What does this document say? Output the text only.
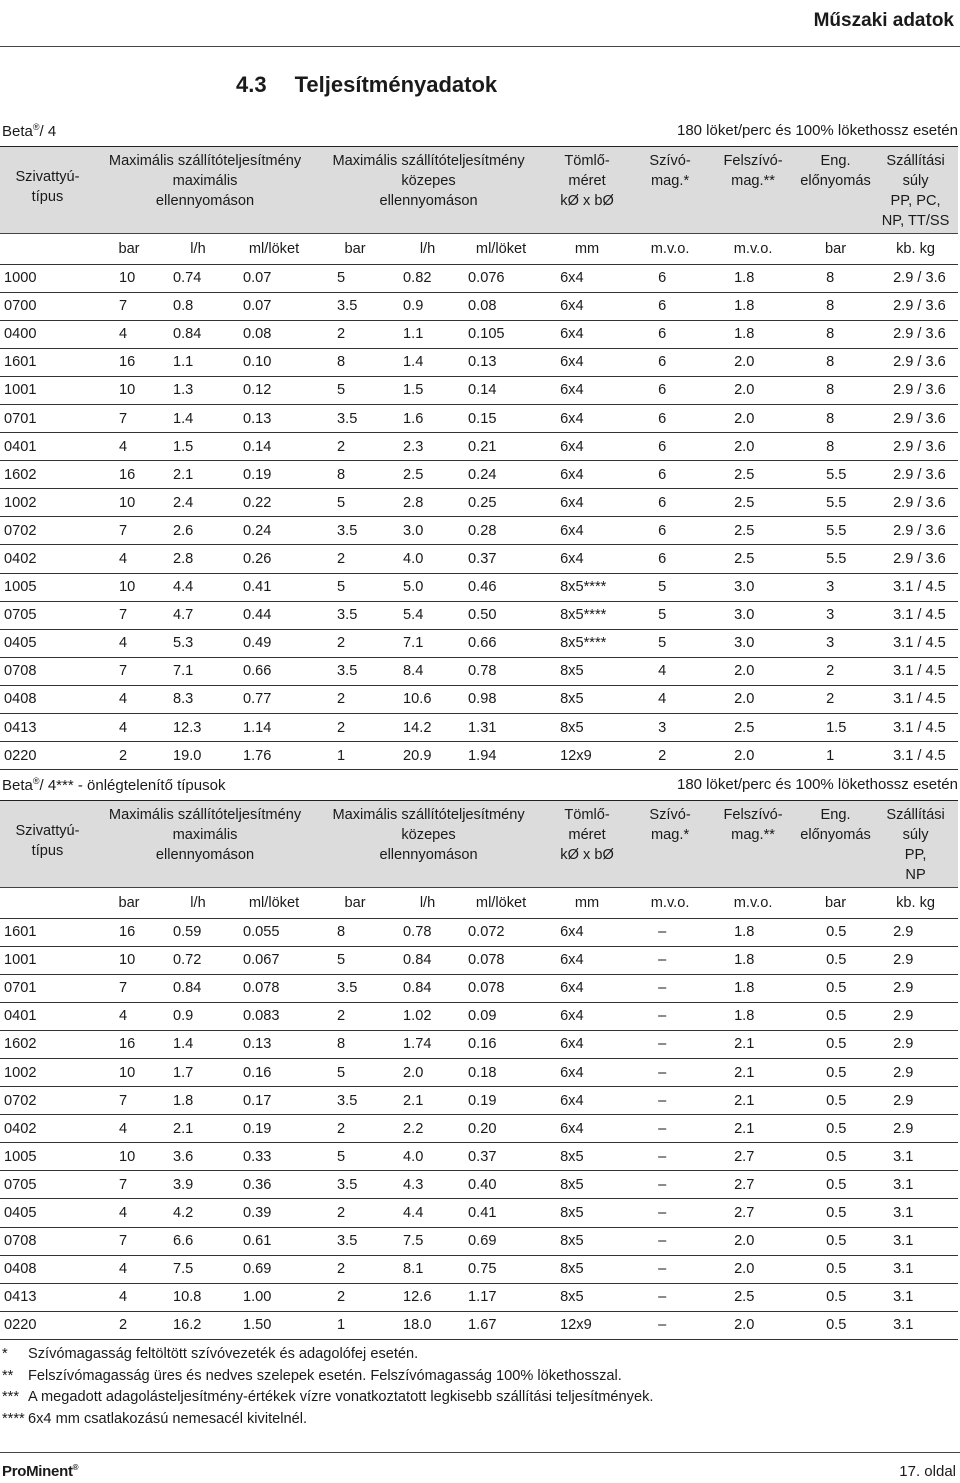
Műszaki adatok
4.3 Teljesítményadatok
Beta®/ 4	180 löket/perc és 100% lökethossz esetén
Szivattyú-
típus	Maximális szállítóteljesítmény
maximális
ellennyomáson			Maximális szállítóteljesítmény
közepes
ellennyomáson			Tömlő-
méret
kØ x bØ	Szívó-
mag.*	Felszívó-
mag.**	Eng.
előnyomás	Szállítási
súly
PP, PC,
NP, TT/SS

	bar	l/h	ml/löket	bar	l/h	ml/löket	mm	m.v.o.	m.v.o.	bar	kb. kg
1000	10	0.74	0.07	5	0.82	0.076	6x4	6	1.8	8	2.9 / 3.6
0700	7	0.8	0.07	3.5	0.9	0.08	6x4	6	1.8	8	2.9 / 3.6
0400	4	0.84	0.08	2	1.1	0.105	6x4	6	1.8	8	2.9 / 3.6
1601	16	1.1	0.10	8	1.4	0.13	6x4	6	2.0	8	2.9 / 3.6
1001	10	1.3	0.12	5	1.5	0.14	6x4	6	2.0	8	2.9 / 3.6
0701	7	1.4	0.13	3.5	1.6	0.15	6x4	6	2.0	8	2.9 / 3.6
0401	4	1.5	0.14	2	2.3	0.21	6x4	6	2.0	8	2.9 / 3.6
1602	16	2.1	0.19	8	2.5	0.24	6x4	6	2.5	5.5	2.9 / 3.6
1002	10	2.4	0.22	5	2.8	0.25	6x4	6	2.5	5.5	2.9 / 3.6
0702	7	2.6	0.24	3.5	3.0	0.28	6x4	6	2.5	5.5	2.9 / 3.6
0402	4	2.8	0.26	2	4.0	0.37	6x4	6	2.5	5.5	2.9 / 3.6
1005	10	4.4	0.41	5	5.0	0.46	8x5****	5	3.0	3	3.1 / 4.5
0705	7	4.7	0.44	3.5	5.4	0.50	8x5****	5	3.0	3	3.1 / 4.5
0405	4	5.3	0.49	2	7.1	0.66	8x5****	5	3.0	3	3.1 / 4.5
0708	7	7.1	0.66	3.5	8.4	0.78	8x5	4	2.0	2	3.1 / 4.5
0408	4	8.3	0.77	2	10.6	0.98	8x5	4	2.0	2	3.1 / 4.5
0413	4	12.3	1.14	2	14.2	1.31	8x5	3	2.5	1.5	3.1 / 4.5
0220	2	19.0	1.76	1	20.9	1.94	12x9	2	2.0	1	3.1 / 4.5
Beta®/ 4*** - önlégtelenítő típusok	180 löket/perc és 100% lökethossz esetén
Szivattyú-
típus	Maximális szállítóteljesítmény
maximális
ellennyomáson			Maximális szállítóteljesítmény
közepes
ellennyomáson			Tömlő-
méret
kØ x bØ	Szívó-
mag.*	Felszívó-
mag.**	Eng.
előnyomás	Szállítási
súly
PP,
NP

	bar	l/h	ml/löket	bar	l/h	ml/löket	mm	m.v.o.	m.v.o.	bar	kb. kg
1601	16	0.59	0.055	8	0.78	0.072	6x4	–	1.8	0.5	2.9
1001	10	0.72	0.067	5	0.84	0.078	6x4	–	1.8	0.5	2.9
0701	7	0.84	0.078	3.5	0.84	0.078	6x4	–	1.8	0.5	2.9
0401	4	0.9	0.083	2	1.02	0.09	6x4	–	1.8	0.5	2.9
1602	16	1.4	0.13	8	1.74	0.16	6x4	–	2.1	0.5	2.9
1002	10	1.7	0.16	5	2.0	0.18	6x4	–	2.1	0.5	2.9
0702	7	1.8	0.17	3.5	2.1	0.19	6x4	–	2.1	0.5	2.9
0402	4	2.1	0.19	2	2.2	0.20	6x4	–	2.1	0.5	2.9
1005	10	3.6	0.33	5	4.0	0.37	8x5	–	2.7	0.5	3.1
0705	7	3.9	0.36	3.5	4.3	0.40	8x5	–	2.7	0.5	3.1
0405	4	4.2	0.39	2	4.4	0.41	8x5	–	2.7	0.5	3.1
0708	7	6.6	0.61	3.5	7.5	0.69	8x5	–	2.0	0.5	3.1
0408	4	7.5	0.69	2	8.1	0.75	8x5	–	2.0	0.5	3.1
0413	4	10.8	1.00	2	12.6	1.17	8x5	–	2.5	0.5	3.1
0220	2	16.2	1.50	1	18.0	1.67	12x9	–	2.0	0.5	3.1
* Szívómagasság feltöltött szívóvezeték és adagolófej esetén.
** Felszívómagasság üres és nedves szelepek esetén. Felszívómagasság 100% lökethosszal.
*** A megadott adagolásteljesítmény-értékek vízre vonatkoztatott legkisebb szállítási teljesítmények.
**** 6x4 mm csatlakozású nemesacél kivitelnél.
ProMinent®	17. oldal
